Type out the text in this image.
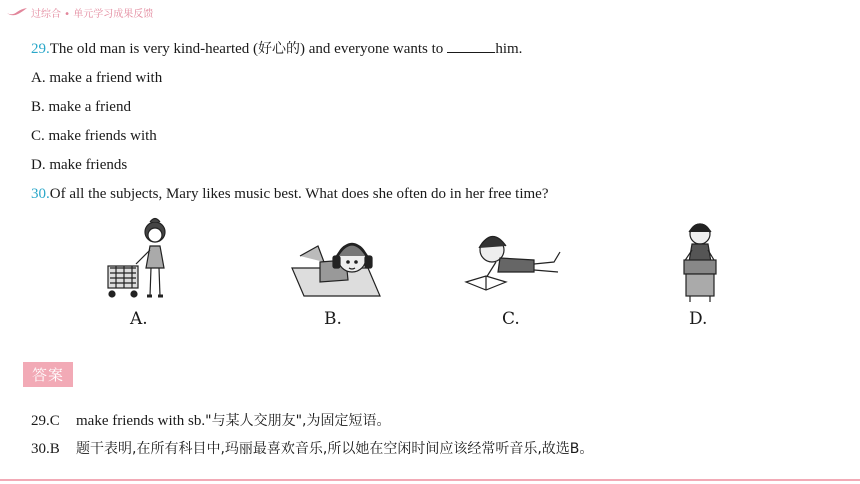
过综合 • 单元学习成果反馈
29.The old man is very kind-hearted (好心的) and everyone wants to	him.
A. make a friend with
B. make a friend
C. make friends with
D. make friends
30.Of all the subjects, Mary likes music best. What does she often do in her free time?
A.	B.	C.	D.
答案
29.C make friends with sb."与某人交朋友",为固定短语。
30.B 题干表明,在所有科目中,玛丽最喜欢音乐,所以她在空闲时间应该经常听音乐,故选B。
